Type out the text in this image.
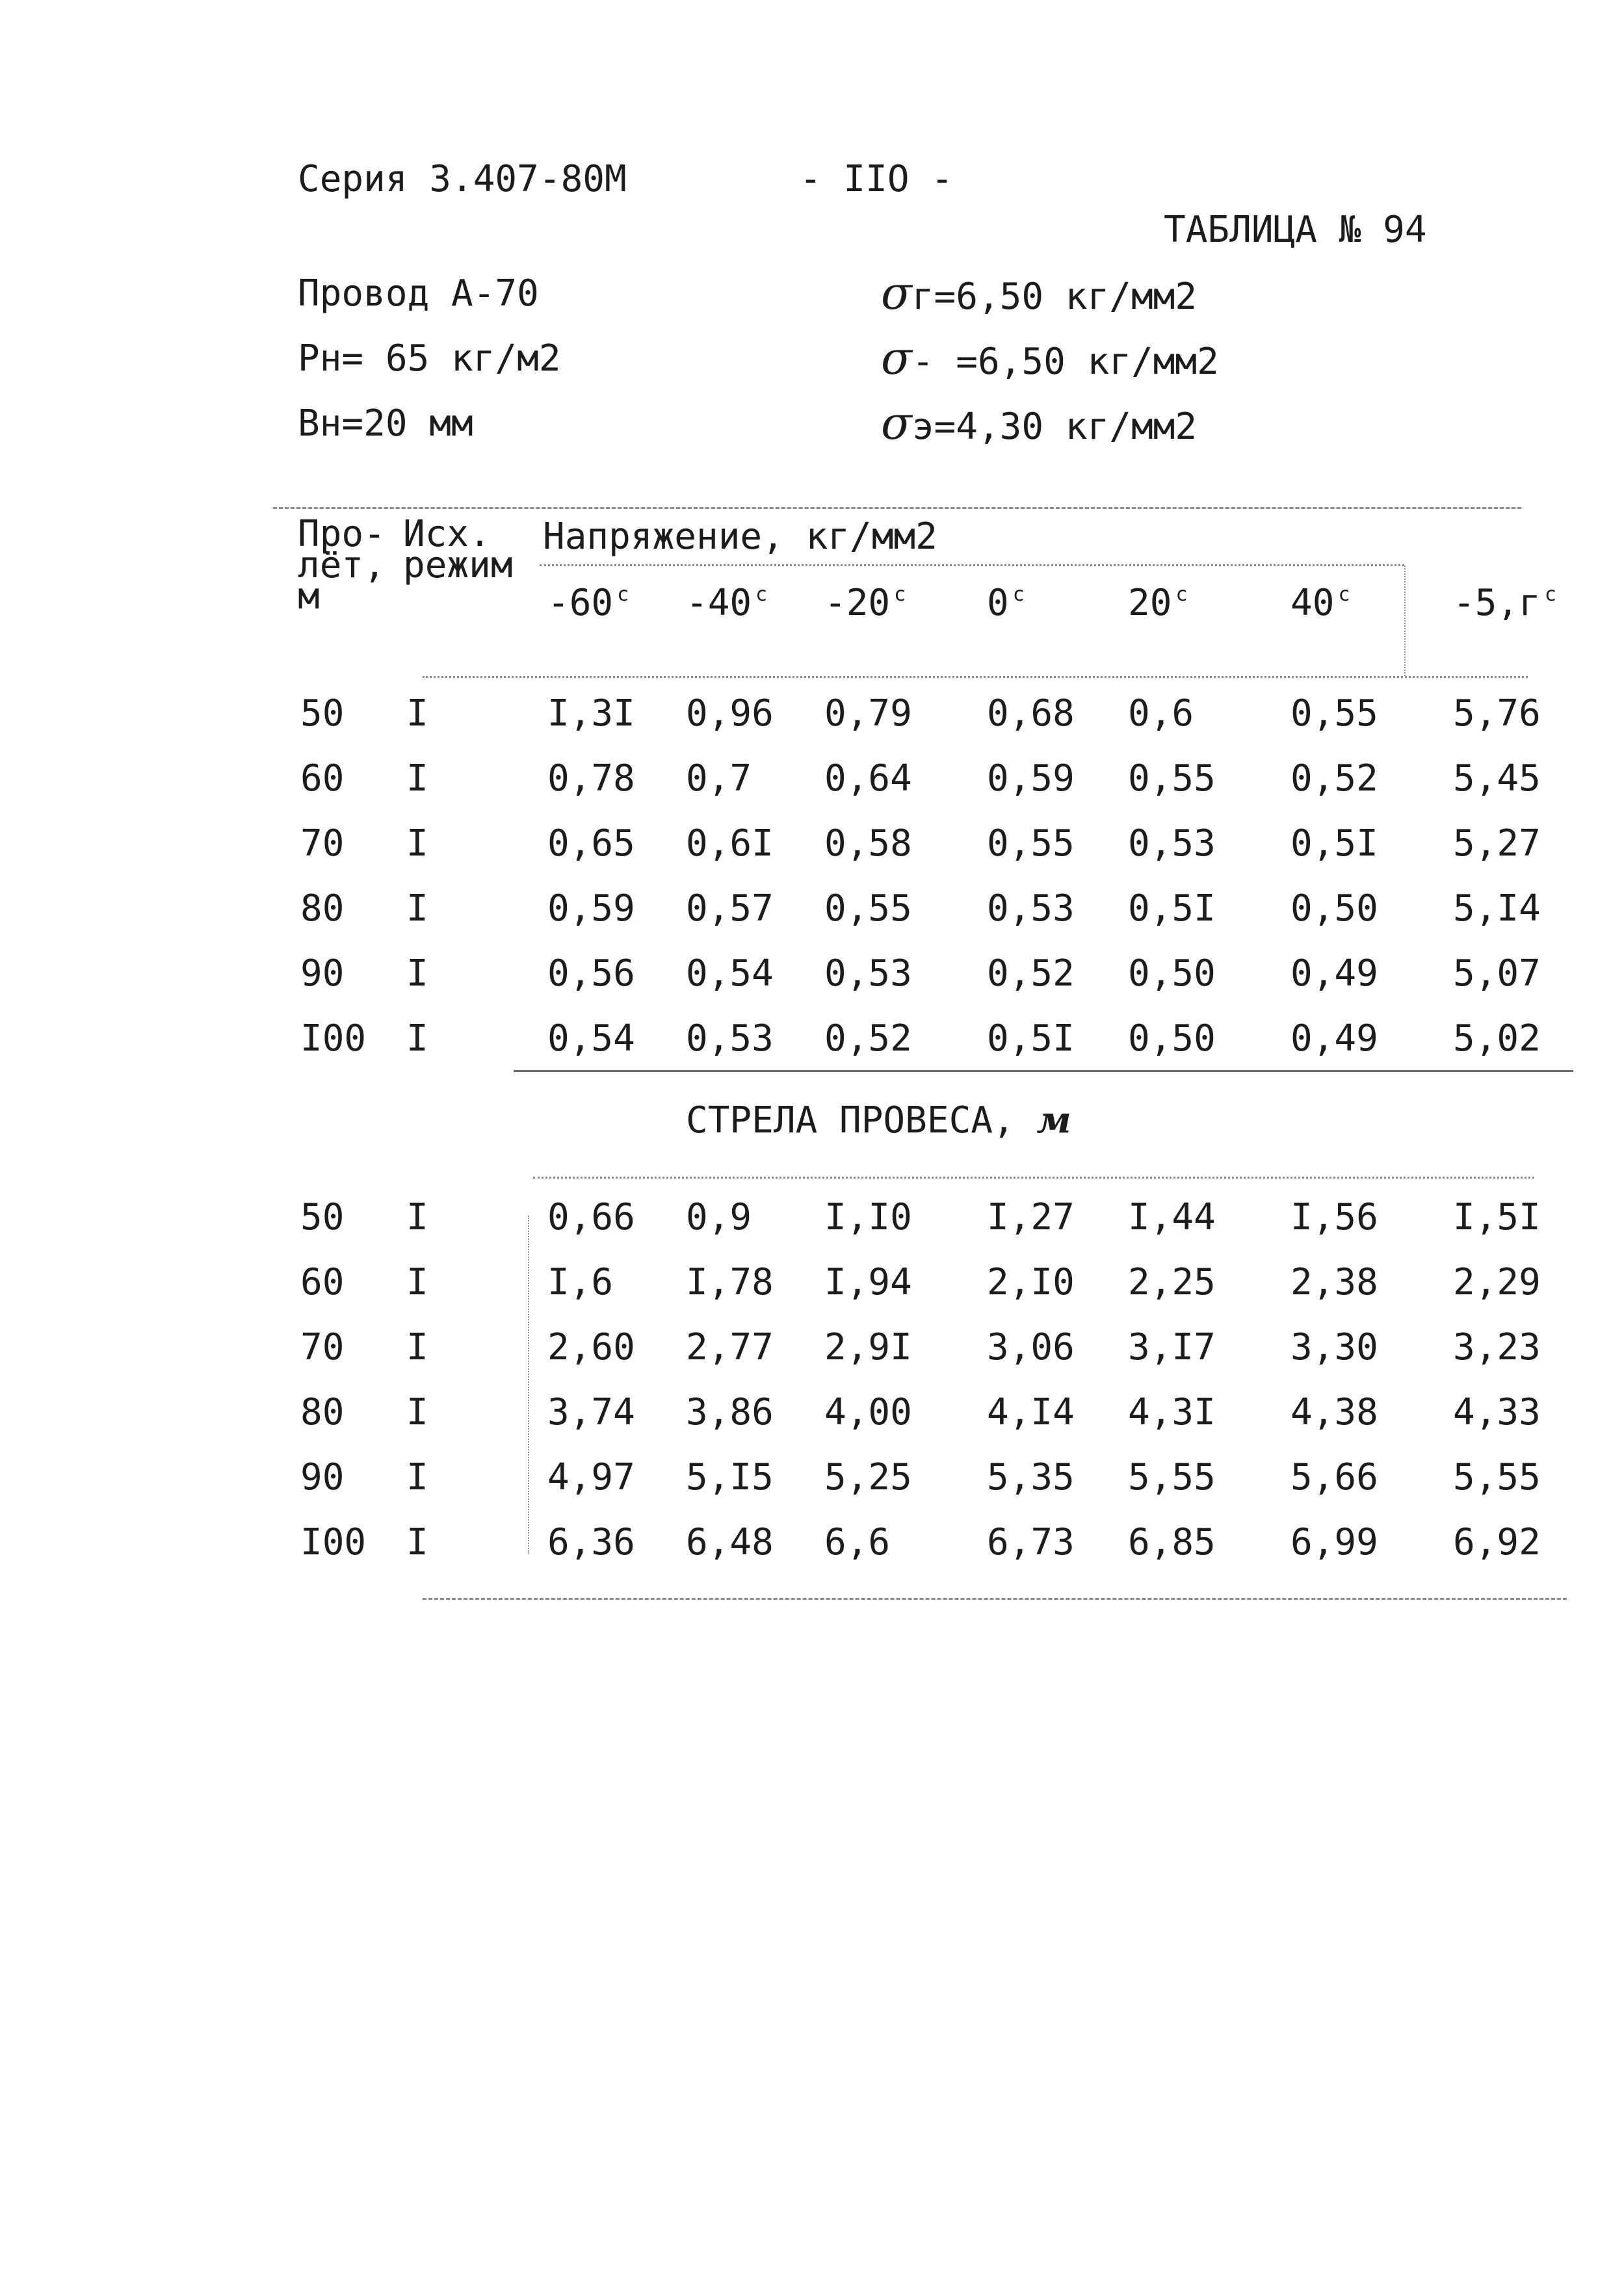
Серия 3.407-80М	- IIO -
ТАБЛИЦА № 94
Провод А-70
Рн= 65 кг/м2
Вн=20 мм
σг=6,50 кг/мм2
σ- =6,50 кг/мм2
σэ=4,30 кг/мм2
Про-
лёт,
м
Исх.
режим
Напряжение, кг/мм2
-60 $^c$ -40 $^c$ -20 $^c$ 0 $^c$	20 $^c$	40 $^c$	-5,г $^c$
50 I	I,3I 0,96 0,79 0,68 0,6	0,55 5,76
60 I	0,78 0,7 0,64 0,59 0,55 0,52 5,45
70 I	0,65 0,6I 0,58 0,55 0,53 0,5I 5,27
80 I	0,59 0,57 0,55 0,53 0,5I 0,50 5,I4
90 I	0,56 0,54 0,53 0,52 0,50 0,49 5,07
I00 I	0,54 0,53 0,52 0,5I 0,50 0,49 5,02
СТРЕЛА ПРОВЕСА, м
50 I	0,66 0,9 I,I0 I,27 I,44 I,56 I,5I
60 I	I,6 I,78 I,94 2,I0 2,25 2,38 2,29
70 I	2,60 2,77 2,9I 3,06 3,I7 3,30 3,23
80 I	3,74 3,86 4,00 4,I4 4,3I 4,38 4,33
90 I	4,97 5,I5 5,25 5,35 5,55 5,66 5,55
I00 I	6,36 6,48 6,6	6,73 6,85 6,99 6,92
